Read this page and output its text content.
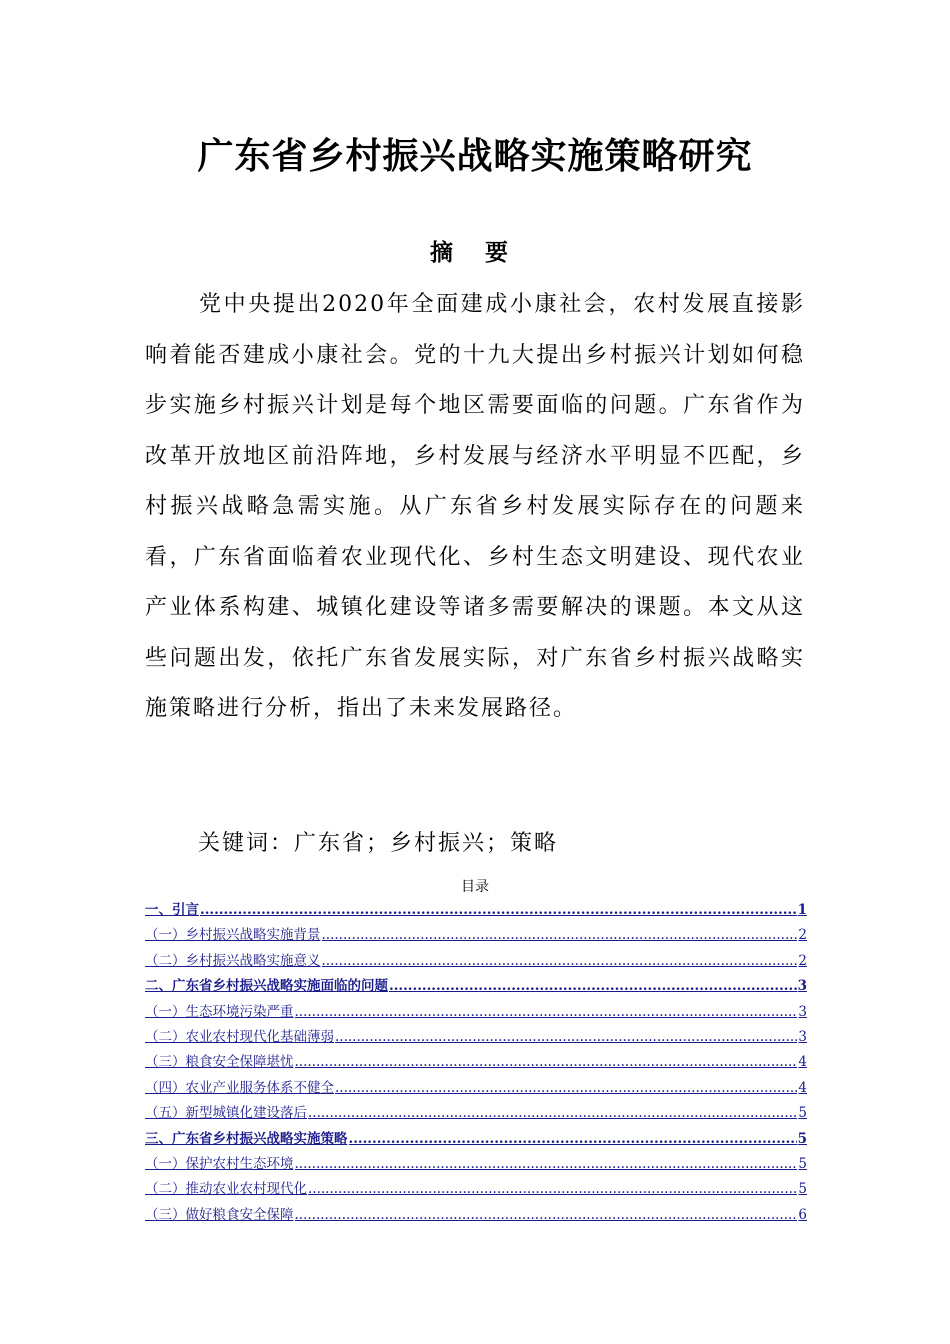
广东省乡村振兴战略实施策略研究
摘 要

党中央提出2020年全面建成小康社会，农村发展直接影响着能否建成小康社会。党的十九大提出乡村振兴计划如何稳步实施乡村振兴计划是每个地区需要面临的问题。广东省作为改革开放地区前沿阵地，乡村发展与经济水平明显不匹配，乡村振兴战略急需实施。从广东省乡村发展实际存在的问题来看，广东省面临着农业现代化、乡村生态文明建设、现代农业产业体系构建、城镇化建设等诸多需要解决的课题。本文从这些问题出发，依托广东省发展实际，对广东省乡村振兴战略实施策略进行分析，指出了未来发展路径。

关键词：广东省；乡村振兴；策略

目录
一、引言 .....	1
（一）乡村振兴战略实施背景 .....	2
（二）乡村振兴战略实施意义 .....	2
二、广东省乡村振兴战略实施面临的问题 .....	3
（一）生态环境污染严重 .....	3
（二）农业农村现代化基础薄弱 .....	3
（三）粮食安全保障堪忧 .....	4
（四）农业产业服务体系不健全 .....	4
（五）新型城镇化建设落后 .....	5
三、广东省乡村振兴战略实施策略 .....	5
（一）保护农村生态环境 .....	5
（二）推动农业农村现代化 .....	5
（三）做好粮食安全保障 .....	6
